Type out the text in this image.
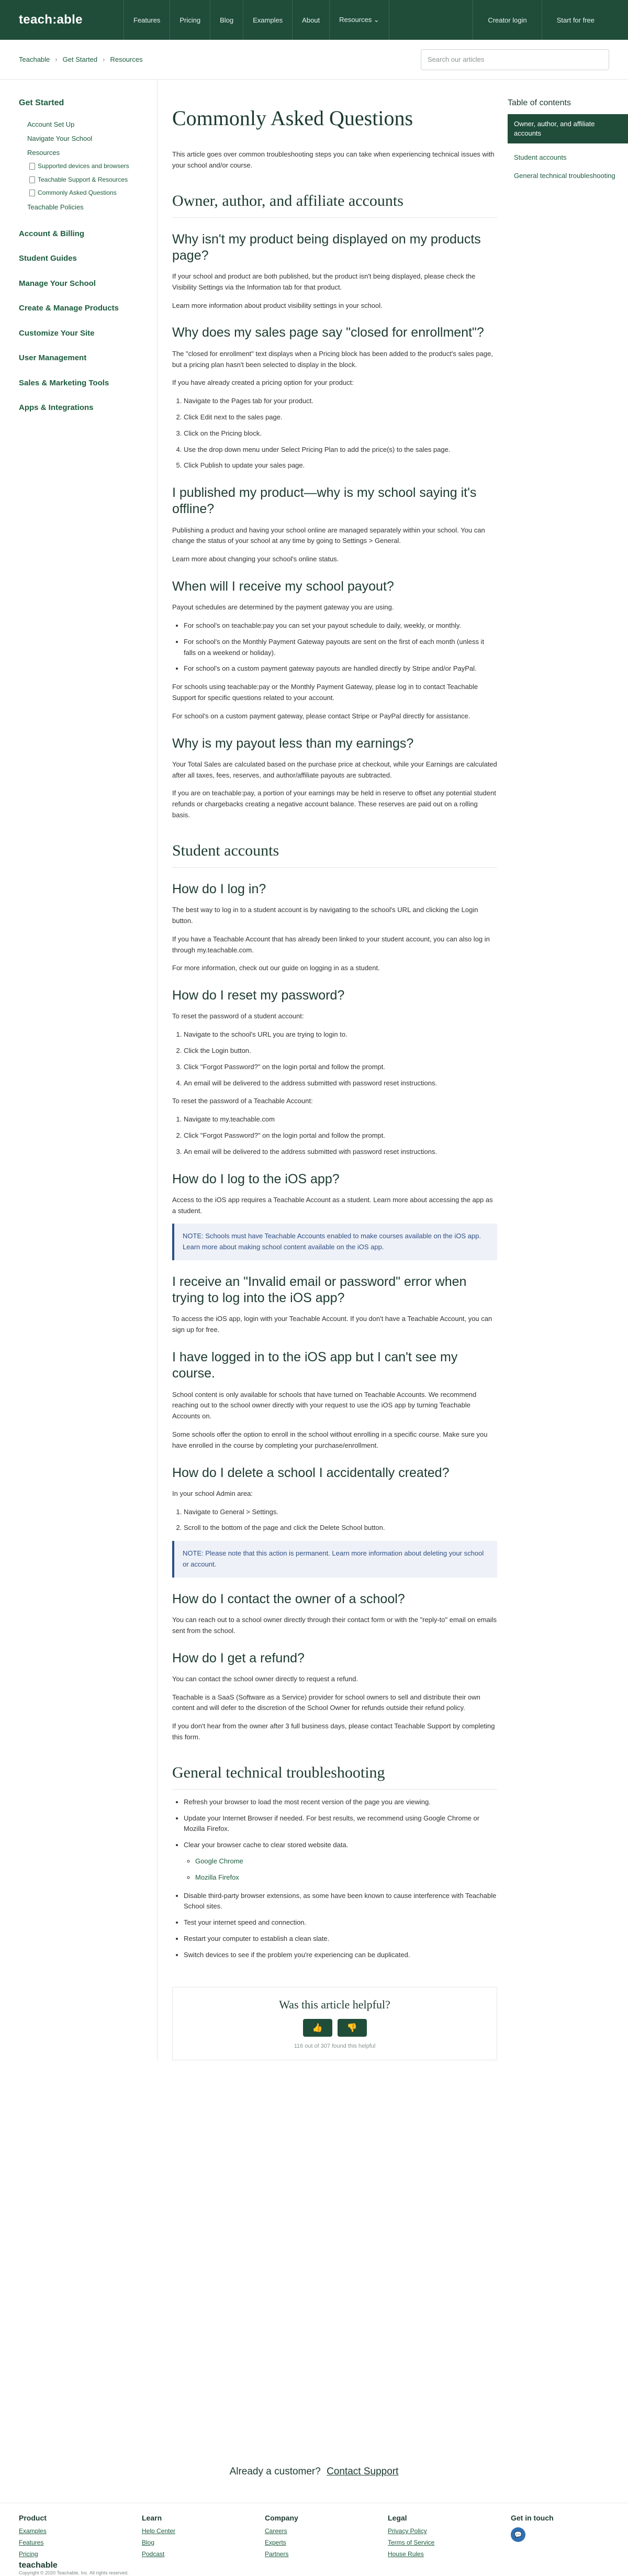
teach:able	Features	Pricing	Blog	Examples	About	Resources ⌄	Creator login	Start for free
Teachable › Get Started › Resources	Search our articles
Get Started
Account Set Up
Navigate Your School
Resources
Supported devices and browsers
Teachable Support & Resources
Commonly Asked Questions
Teachable Policies
Account & Billing
Student Guides
Manage Your School
Create & Manage Products
Customize Your Site
User Management
Sales & Marketing Tools
Apps & Integrations
Commonly Asked Questions

This article goes over common troubleshooting steps you can take when experiencing technical issues with your school and/or course.

Owner, author, and affiliate accounts
Why isn't my product being displayed on my products page?

If your school and product are both published, but the product isn't being displayed, please check the Visibility Settings via the Information tab for that product.

Learn more information about product visibility settings in your school.

Why does my sales page say "closed for enrollment"?

The "closed for enrollment" text displays when a Pricing block has been added to the product's sales page, but a pricing plan hasn't been selected to display in the block.

If you have already created a pricing option for your product:

1. Navigate to the Pages tab for your product.
2. Click Edit next to the sales page.
3. Click on the Pricing block.
4. Use the drop down menu under Select Pricing Plan to add the price(s) to the sales page.
5. Click Publish to update your sales page.
I published my product—why is my school saying it's offline?

Publishing a product and having your school online are managed separately within your school. You can change the status of your school at any time by going to Settings > General.

Learn more about changing your school's online status.

When will I receive my school payout?

Payout schedules are determined by the payment gateway you are using.

• For school's on teachable:pay you can set your payout schedule to daily, weekly, or monthly.
• For school's on the Monthly Payment Gateway payouts are sent on the first of each month (unless it falls on a weekend or holiday).
• For school's on a custom payment gateway payouts are handled directly by Stripe and/or PayPal.

For schools using teachable:pay or the Monthly Payment Gateway, please log in to contact Teachable Support for specific questions related to your account.

For school's on a custom payment gateway, please contact Stripe or PayPal directly for assistance.

Why is my payout less than my earnings?

Your Total Sales are calculated based on the purchase price at checkout, while your Earnings are calculated after all taxes, fees, reserves, and author/affiliate payouts are subtracted.

If you are on teachable:pay, a portion of your earnings may be held in reserve to offset any potential student refunds or chargebacks creating a negative account balance. These reserves are paid out on a rolling basis.

Student accounts
How do I log in?

The best way to log in to a student account is by navigating to the school's URL and clicking the Login button.

If you have a Teachable Account that has already been linked to your student account, you can also log in through my.teachable.com.

For more information, check out our guide on logging in as a student.

How do I reset my password?

To reset the password of a student account:

1. Navigate to the school's URL you are trying to login to.
2. Click the Login button.
3. Click "Forgot Password?" on the login portal and follow the prompt.
4. An email will be delivered to the address submitted with password reset instructions.

To reset the password of a Teachable Account:

1. Navigate to my.teachable.com
2. Click "Forgot Password?" on the login portal and follow the prompt.
3. An email will be delivered to the address submitted with password reset instructions.
How do I log to the iOS app?

Access to the iOS app requires a Teachable Account as a student. Learn more about accessing the app as a student.

NOTE: Schools must have Teachable Accounts enabled to make courses available on the iOS app. Learn more about making school content available on the iOS app.
I receive an "Invalid email or password" error when trying to log into the iOS app?

To access the iOS app, login with your Teachable Account. If you don't have a Teachable Account, you can sign up for free.

I have logged in to the iOS app but I can't see my course.

School content is only available for schools that have turned on Teachable Accounts. We recommend reaching out to the school owner directly with your request to use the iOS app by turning Teachable Accounts on.

Some schools offer the option to enroll in the school without enrolling in a specific course. Make sure you have enrolled in the course by completing your purchase/enrollment.

How do I delete a school I accidentally created?

In your school Admin area:

1. Navigate to General > Settings.
2. Scroll to the bottom of the page and click the Delete School button.
NOTE: Please note that this action is permanent. Learn more information about deleting your school or account.
How do I contact the owner of a school?

You can reach out to a school owner directly through their contact form or with the "reply-to" email on emails sent from the school.

How do I get a refund?

You can contact the school owner directly to request a refund.

Teachable is a SaaS (Software as a Service) provider for school owners to sell and distribute their own content and will defer to the discretion of the School Owner for refunds outside their refund policy.

If you don't hear from the owner after 3 full business days, please contact Teachable Support by completing this form.

General technical troubleshooting
• Refresh your browser to load the most recent version of the page you are viewing.
• Update your Internet Browser if needed. For best results, we recommend using Google Chrome or Mozilla Firefox.
• Clear your browser cache to clear stored website data.
◦ Google Chrome
◦ Mozilla Firefox
• Disable third-party browser extensions, as some have been known to cause interference with Teachable School sites.
• Test your internet speed and connection.
• Restart your computer to establish a clean slate.
• Switch devices to see if the problem you're experiencing can be duplicated.
Was this article helpful?
👍	👎
116 out of 307 found this helpful
Table of contents
Owner, author, and affiliate accounts
Student accounts
General technical troubleshooting
Already a customer? Contact Support
Product
Examples
Features
Pricing
Learn
Help Center
Blog
Podcast
Company
Careers
Experts
Partners
Legal
Privacy Policy
Terms of Service
House Rules
Get in touch
💬
teachable
Copyright © 2020 Teachable, Inc. All rights reserved.
